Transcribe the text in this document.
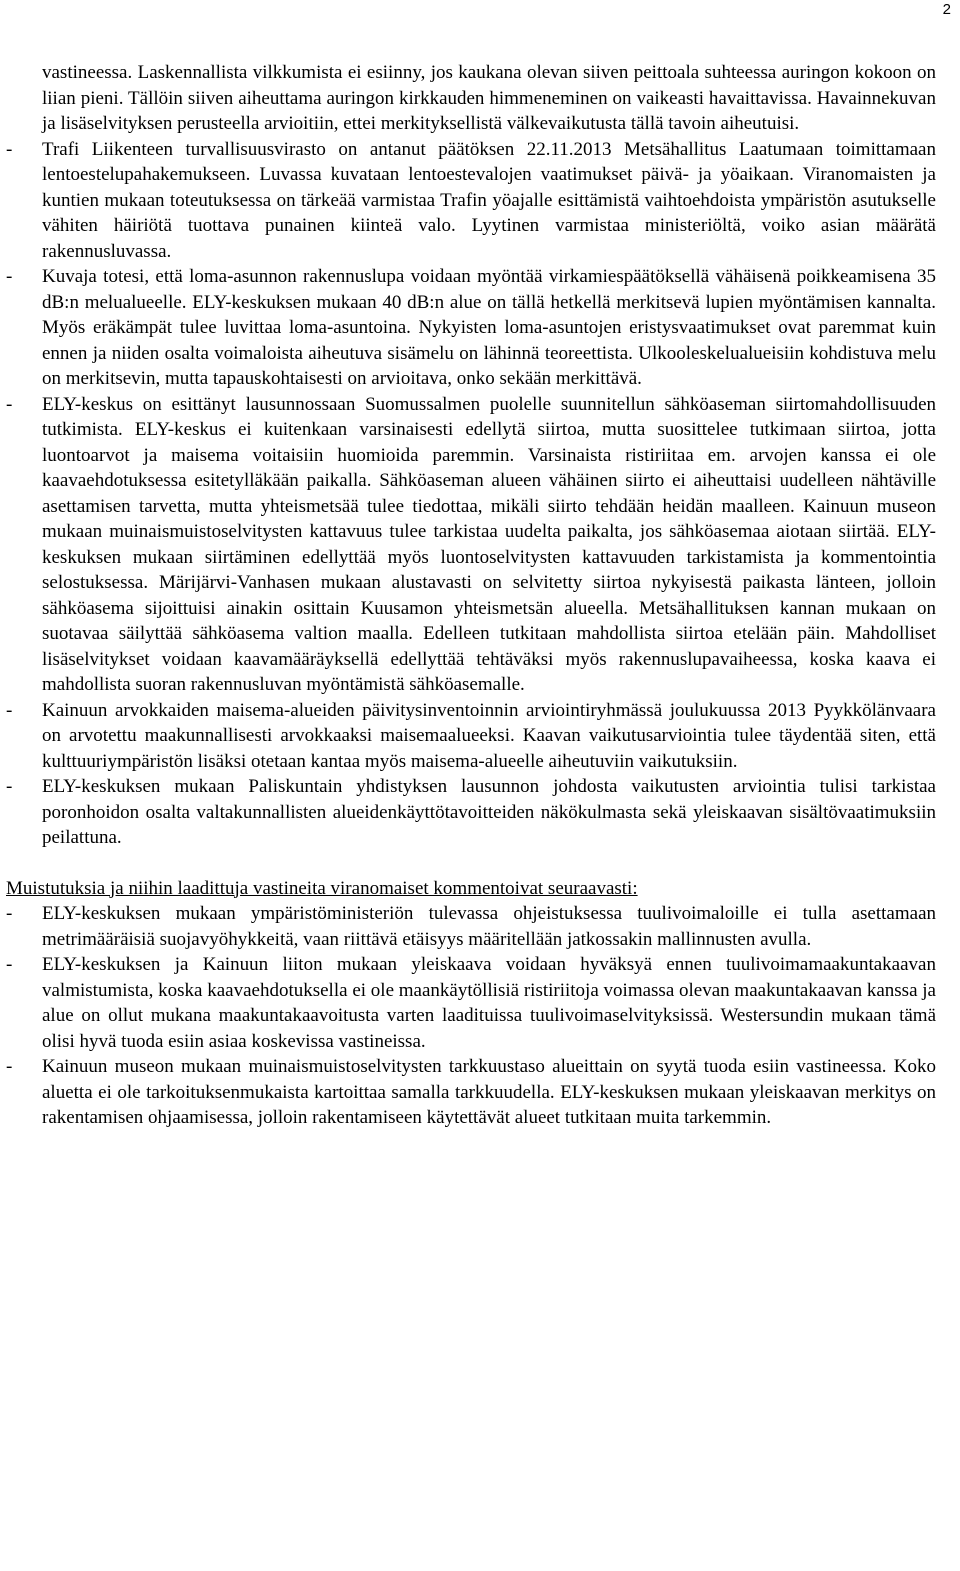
2

vastineessa. Laskennallista vilkkumista ei esiinny, jos kaukana olevan siiven peittoala suhteessa auringon kokoon on liian pieni. Tällöin siiven aiheuttama auringon kirkkauden himmeneminen on vaikeasti havaittavissa. Havainnekuvan ja lisäselvityksen perusteella arvioitiin, ettei merkityksellistä välkevaikutusta tällä tavoin aiheutuisi.

- Trafi Liikenteen turvallisuusvirasto on antanut päätöksen 22.11.2013 Metsähallitus Laatumaan toimittamaan lentoestelupahakemukseen. Luvassa kuvataan lentoestevalojen vaatimukset päivä- ja yöaikaan. Viranomaisten ja kuntien mukaan toteutuksessa on tärkeää varmistaa Trafin yöajalle esittämistä vaihtoehdoista ympäristön asutukselle vähiten häiriötä tuottava punainen kiinteä valo. Lyytinen varmistaa ministeriöltä, voiko asian määrätä rakennusluvassa.
- Kuvaja totesi, että loma-asunnon rakennuslupa voidaan myöntää virkamiespäätöksellä vähäisenä poikkeamisena 35 dB:n melualueelle. ELY-keskuksen mukaan 40 dB:n alue on tällä hetkellä merkitsevä lupien myöntämisen kannalta. Myös eräkämpät tulee luvittaa loma-asuntoina. Nykyisten loma-asuntojen eristysvaatimukset ovat paremmat kuin ennen ja niiden osalta voimaloista aiheutuva sisämelu on lähinnä teoreettista. Ulkooleskelualueisiin kohdistuva melu on merkitsevin, mutta tapauskohtaisesti on arvioitava, onko sekään merkittävä.
- ELY-keskus on esittänyt lausunnossaan Suomussalmen puolelle suunnitellun sähköaseman siirtomahdollisuuden tutkimista. ELY-keskus ei kuitenkaan varsinaisesti edellytä siirtoa, mutta suosittelee tutkimaan siirtoa, jotta luontoarvot ja maisema voitaisiin huomioida paremmin. Varsinaista ristiriitaa em. arvojen kanssa ei ole kaavaehdotuksessa esitetylläkään paikalla. Sähköaseman alueen vähäinen siirto ei aiheuttaisi uudelleen nähtäville asettamisen tarvetta, mutta yhteismetsää tulee tiedottaa, mikäli siirto tehdään heidän maalleen. Kainuun museon mukaan muinaismuistoselvitysten kattavuus tulee tarkistaa uudelta paikalta, jos sähköasemaa aiotaan siirtää. ELY-keskuksen mukaan siirtäminen edellyttää myös luontoselvitysten kattavuuden tarkistamista ja kommentointia selostuksessa. Märijärvi-Vanhasen mukaan alustavasti on selvitetty siirtoa nykyisestä paikasta länteen, jolloin sähköasema sijoittuisi ainakin osittain Kuusamon yhteismetsän alueella. Metsähallituksen kannan mukaan on suotavaa säilyttää sähköasema valtion maalla. Edelleen tutkitaan mahdollista siirtoa etelään päin. Mahdolliset lisäselvitykset voidaan kaavamääräyksellä edellyttää tehtäväksi myös rakennuslupavaiheessa, koska kaava ei mahdollista suoran rakennusluvan myöntämistä sähköasemalle.
- Kainuun arvokkaiden maisema-alueiden päivitysinventoinnin arviointiryhmässä joulukuussa 2013 Pyykkölänvaara on arvotettu maakunnallisesti arvokkaaksi maisemaalueeksi. Kaavan vaikutusarviointia tulee täydentää siten, että kulttuuriympäristön lisäksi otetaan kantaa myös maisema-alueelle aiheutuviin vaikutuksiin.
- ELY-keskuksen mukaan Paliskuntain yhdistyksen lausunnon johdosta vaikutusten arviointia tulisi tarkistaa poronhoidon osalta valtakunnallisten alueidenkäyttötavoitteiden näkökulmasta sekä yleiskaavan sisältövaatimuksiin peilattuna.

Muistutuksia ja niihin laadittuja vastineita viranomaiset kommentoivat seuraavasti:

- ELY-keskuksen mukaan ympäristöministeriön tulevassa ohjeistuksessa tuulivoimaloille ei tulla asettamaan metrimääräisiä suojavyöhykkeitä, vaan riittävä etäisyys määritellään jatkossakin mallinnusten avulla.
- ELY-keskuksen ja Kainuun liiton mukaan yleiskaava voidaan hyväksyä ennen tuulivoimamaakuntakaavan valmistumista, koska kaavaehdotuksella ei ole maankäytöllisiä ristiriitoja voimassa olevan maakuntakaavan kanssa ja alue on ollut mukana maakuntakaavoitusta varten laadituissa tuulivoimaselvityksissä. Westersundin mukaan tämä olisi hyvä tuoda esiin asiaa koskevissa vastineissa.
- Kainuun museon mukaan muinaismuistoselvitysten tarkkuustaso alueittain on syytä tuoda esiin vastineessa. Koko aluetta ei ole tarkoituksenmukaista kartoittaa samalla tarkkuudella. ELY-keskuksen mukaan yleiskaavan merkitys on rakentamisen ohjaamisessa, jolloin rakentamiseen käytettävät alueet tutkitaan muita tarkemmin.
